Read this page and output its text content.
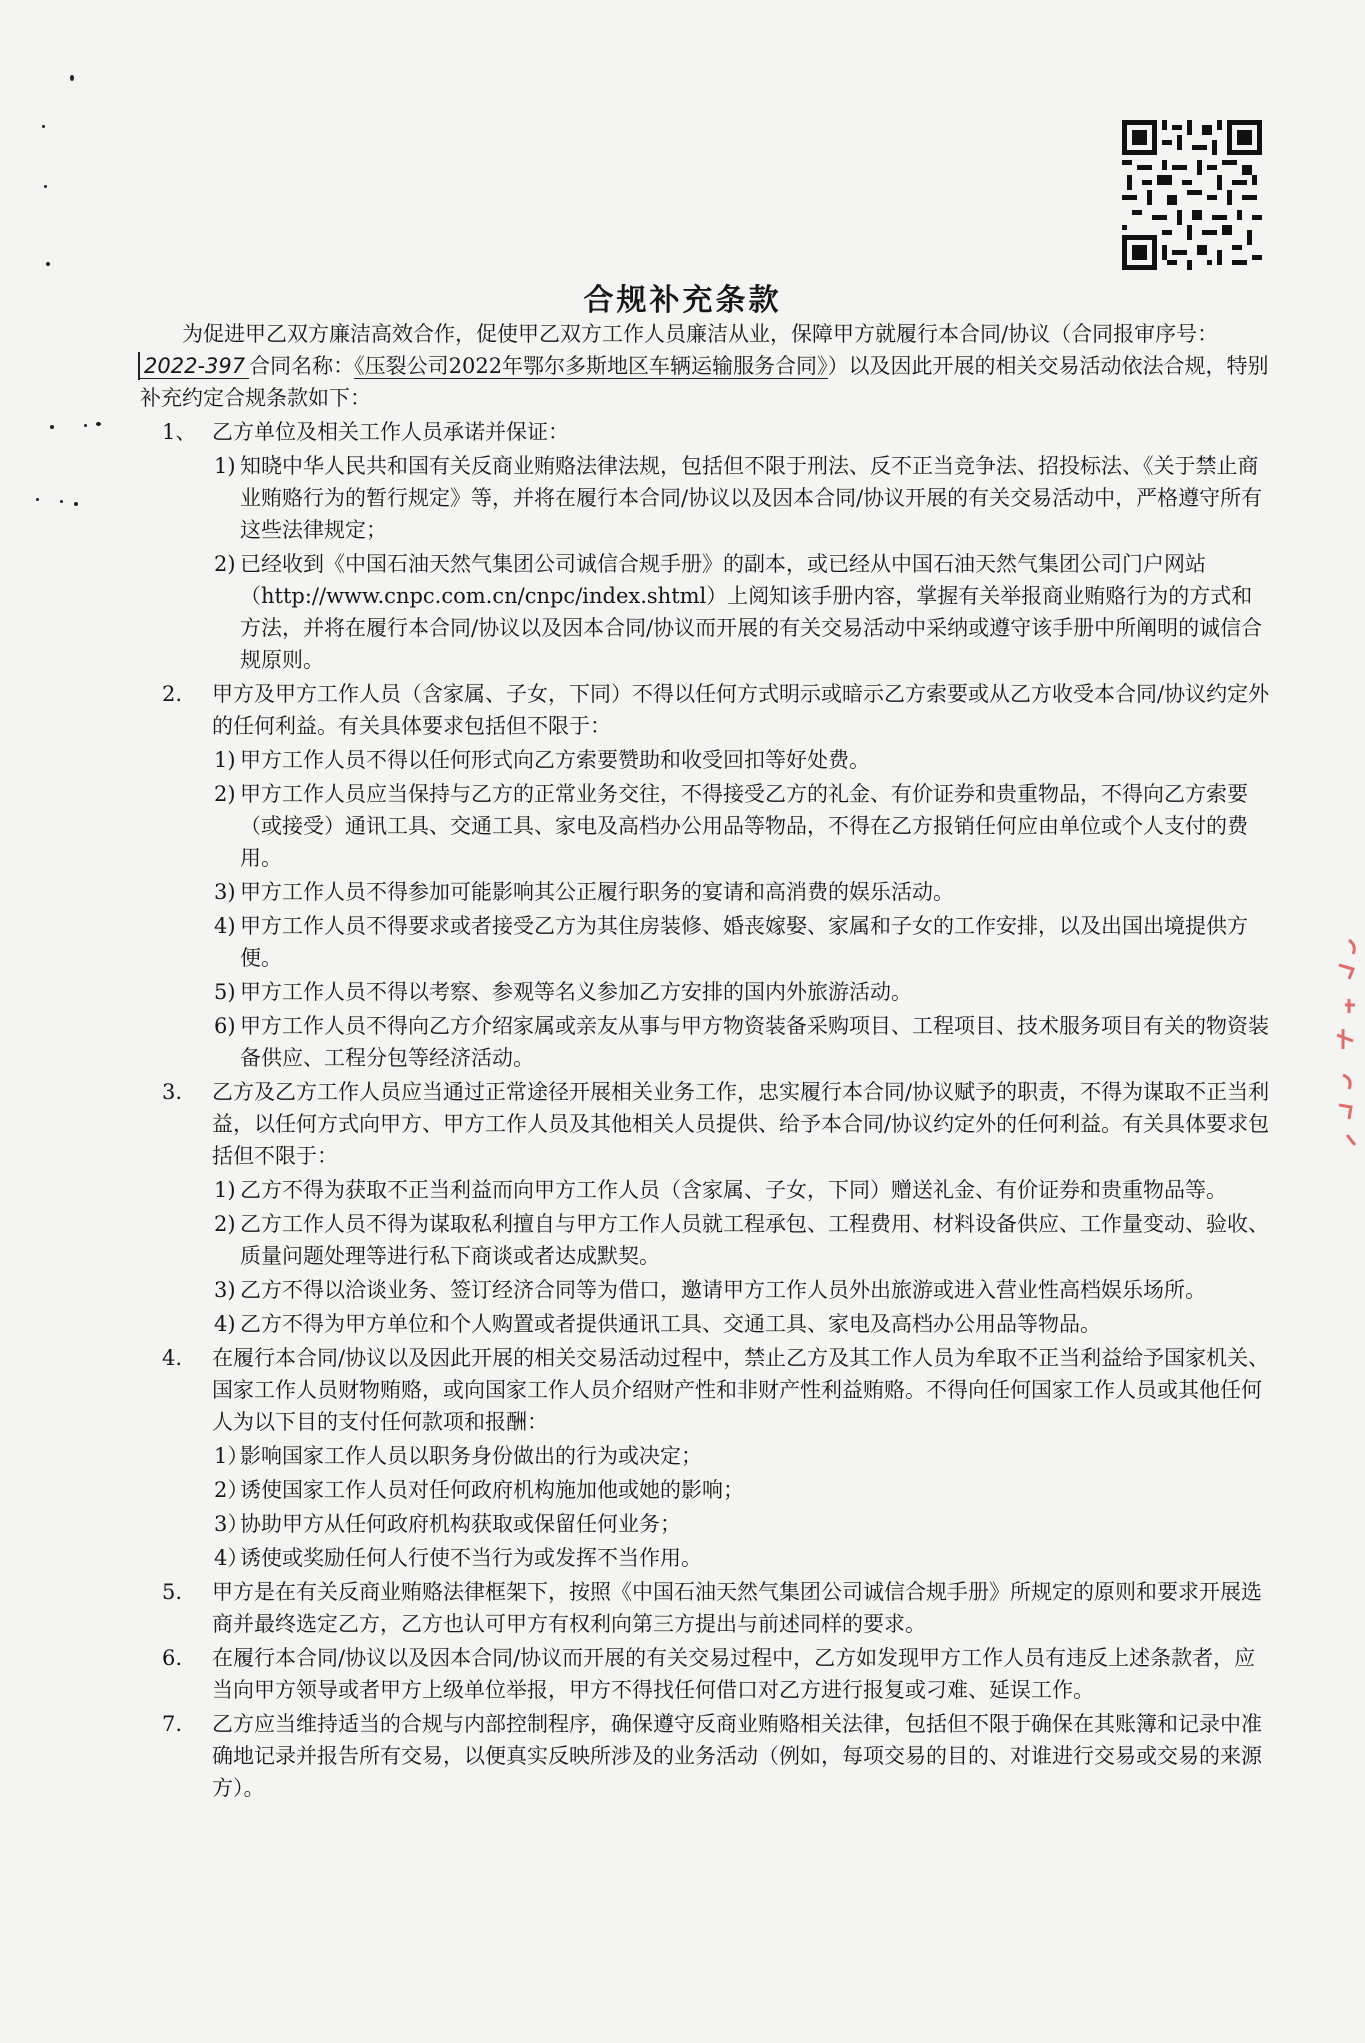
合规补充条款

为促进甲乙双方廉洁高效合作，促使甲乙双方工作人员廉洁从业，保障甲方就履行本合同/协议（合同报审序号：2022-397 合同名称：《压裂公司2022年鄂尔多斯地区车辆运输服务合同》）以及因此开展的相关交易活动依法合规，特别补充约定合规条款如下：

1、 乙方单位及相关工作人员承诺并保证：
1) 知晓中华人民共和国有关反商业贿赂法律法规，包括但不限于刑法、反不正当竞争法、招投标法、《关于禁止商业贿赂行为的暂行规定》等，并将在履行本合同/协议以及因本合同/协议开展的有关交易活动中，严格遵守所有这些法律规定；
2) 已经收到《中国石油天然气集团公司诚信合规手册》的副本，或已经从中国石油天然气集团公司门户网站（http://www.cnpc.com.cn/cnpc/index.shtml）上阅知该手册内容，掌握有关举报商业贿赂行为的方式和方法，并将在履行本合同/协议以及因本合同/协议而开展的有关交易活动中采纳或遵守该手册中所阐明的诚信合规原则。
2.	甲方及甲方工作人员（含家属、子女，下同）不得以任何方式明示或暗示乙方索要或从乙方收受本合同/协议约定外的任何利益。有关具体要求包括但不限于：
1) 甲方工作人员不得以任何形式向乙方索要赞助和收受回扣等好处费。
2) 甲方工作人员应当保持与乙方的正常业务交往，不得接受乙方的礼金、有价证券和贵重物品，不得向乙方索要（或接受）通讯工具、交通工具、家电及高档办公用品等物品，不得在乙方报销任何应由单位或个人支付的费用。
3) 甲方工作人员不得参加可能影响其公正履行职务的宴请和高消费的娱乐活动。
4) 甲方工作人员不得要求或者接受乙方为其住房装修、婚丧嫁娶、家属和子女的工作安排，以及出国出境提供方便。
5) 甲方工作人员不得以考察、参观等名义参加乙方安排的国内外旅游活动。
6) 甲方工作人员不得向乙方介绍家属或亲友从事与甲方物资装备采购项目、工程项目、技术服务项目有关的物资装备供应、工程分包等经济活动。
3.	乙方及乙方工作人员应当通过正常途径开展相关业务工作，忠实履行本合同/协议赋予的职责，不得为谋取不正当利益，以任何方式向甲方、甲方工作人员及其他相关人员提供、给予本合同/协议约定外的任何利益。有关具体要求包括但不限于：
1) 乙方不得为获取不正当利益而向甲方工作人员（含家属、子女，下同）赠送礼金、有价证券和贵重物品等。
2) 乙方工作人员不得为谋取私利擅自与甲方工作人员就工程承包、工程费用、材料设备供应、工作量变动、验收、质量问题处理等进行私下商谈或者达成默契。
3) 乙方不得以洽谈业务、签订经济合同等为借口，邀请甲方工作人员外出旅游或进入营业性高档娱乐场所。
4) 乙方不得为甲方单位和个人购置或者提供通讯工具、交通工具、家电及高档办公用品等物品。
4.	在履行本合同/协议以及因此开展的相关交易活动过程中，禁止乙方及其工作人员为牟取不正当利益给予国家机关、国家工作人员财物贿赂，或向国家工作人员介绍财产性和非财产性利益贿赂。不得向任何国家工作人员或其他任何人为以下目的支付任何款项和报酬：
1）
影响国家工作人员以职务身份做出的行为或决定；
2）
诱使国家工作人员对任何政府机构施加他或她的影响；
3）
协助甲方从任何政府机构获取或保留任何业务；
4）
诱使或奖励任何人行使不当行为或发挥不当作用。
5.	甲方是在有关反商业贿赂法律框架下，按照《中国石油天然气集团公司诚信合规手册》所规定的原则和要求开展选商并最终选定乙方，乙方也认可甲方有权利向第三方提出与前述同样的要求。
6.	在履行本合同/协议以及因本合同/协议而开展的有关交易过程中，乙方如发现甲方工作人员有违反上述条款者，应当向甲方领导或者甲方上级单位举报，甲方不得找任何借口对乙方进行报复或刁难、延误工作。
7.	乙方应当维持适当的合规与内部控制程序，确保遵守反商业贿赂相关法律，包括但不限于确保在其账簿和记录中准确地记录并报告所有交易，以便真实反映所涉及的业务活动（例如，每项交易的目的、对谁进行交易或交易的来源方）。
